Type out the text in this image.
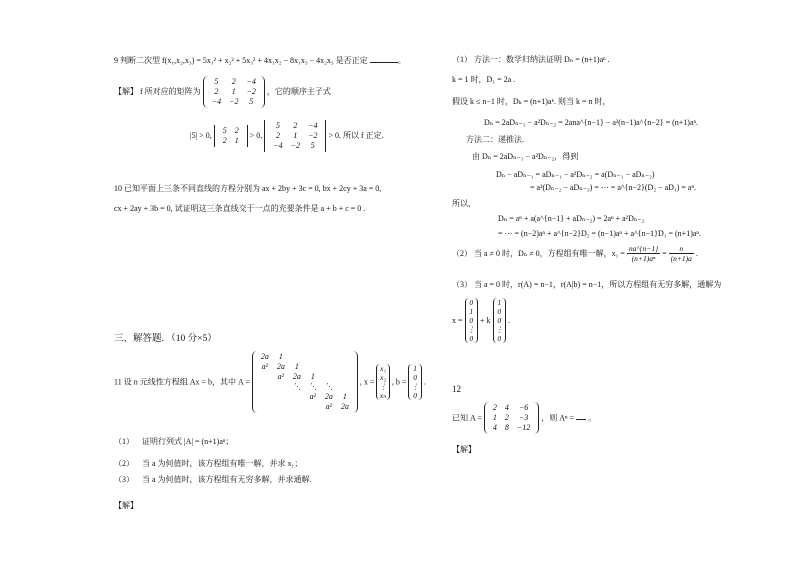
9 判断二次型 f(x₁,x₂,x₃) = 5x₁² + x₂² + 5x₃² + 4x₁x₂ − 8x₁x₃ − 4x₂x₃ 是否正定	。
【解】 f 所对应的矩阵为
5	2	−4
2	1	−2
−4	−2	5
，它的顺序主子式
|5| > 0,
5	2
2	1
> 0,
5	2	−4
2	1	−2
−4	−2	5
> 0. 所以 f 正定.
10 已知平面上三条不同直线的方程分别为 ax + 2by + 3c = 0, bx + 2cy + 3a = 0,
cx + 2ay + 3b = 0, 试证明这三条直线交于一点的充要条件是 a + b + c = 0 .
三、解答题. （10 分×5）
11 设 n 元线性方程组 Ax = b，其中 A =
2a	1				
a²	2a	1			
	a²	2a	1		
		⋱	⋱	⋱	
			a²	2a	1
				a²	2a
, x =
x₁
x₂
⋮
xₙ
, b =
1
0
⋮
0
.
（1） 证明行列式 |A| = (n+1)aⁿ；
（2） 当 a 为何值时，该方程组有唯一解，并求 x₁；
（3） 当 a 为何值时，该方程组有无穷多解，并求通解.
【解】
（1） 方法一：数学归纳法证明 Dₙ = (n+1)aⁿ .
k = 1 时，D₁ = 2a .
假设 k ≤ n−1 时，Dₖ = (n+1)aᵏ. 则当 k = n 时，
Dₙ = 2aDₙ₋₁ − a²Dₙ₋₂ = 2ana^{n−1} − a²(n−1)a^{n−2} = (n+1)aⁿ.
方法二：递推法.
由 Dₙ = 2aDₙ₋₁ − a²Dₙ₋₂，得到
Dₙ − aDₙ₋₁ = aDₙ₋₁ − a²Dₙ₋₂ = a(Dₙ₋₁ − aDₙ₋₂)
= a²(Dₙ₋₂ − aDₙ₋₃) = ⋯ = a^{n−2}(D₂ − aD₁) = aⁿ.
所以，
Dₙ = aⁿ + a(a^{n−1} + aDₙ₋₂) = 2aⁿ + a²Dₙ₋₂
= ⋯ = (n−2)aⁿ + a^{n−2}D₂ = (n−1)aⁿ + a^{n−1}D₁ = (n+1)aⁿ.
（2） 当 a ≠ 0 时，Dₙ ≠ 0，方程组有唯一解，$x_1 = \frac{na\^{}\{n-1\}}{\text{(n+1)aⁿ}} = \frac{n}{(n+1)a}$ .
（3） 当 a = 0 时，r(A) = n−1，r(A|b) = n−1，所以方程组有无穷多解，通解为
x =
0
1
0
⋮
0
+ k
1
0
0
⋮
0
.
12
已知 A =
2	4	−6
1	2	−3
4	8	−12
，则 Aⁿ = 。
【解】
